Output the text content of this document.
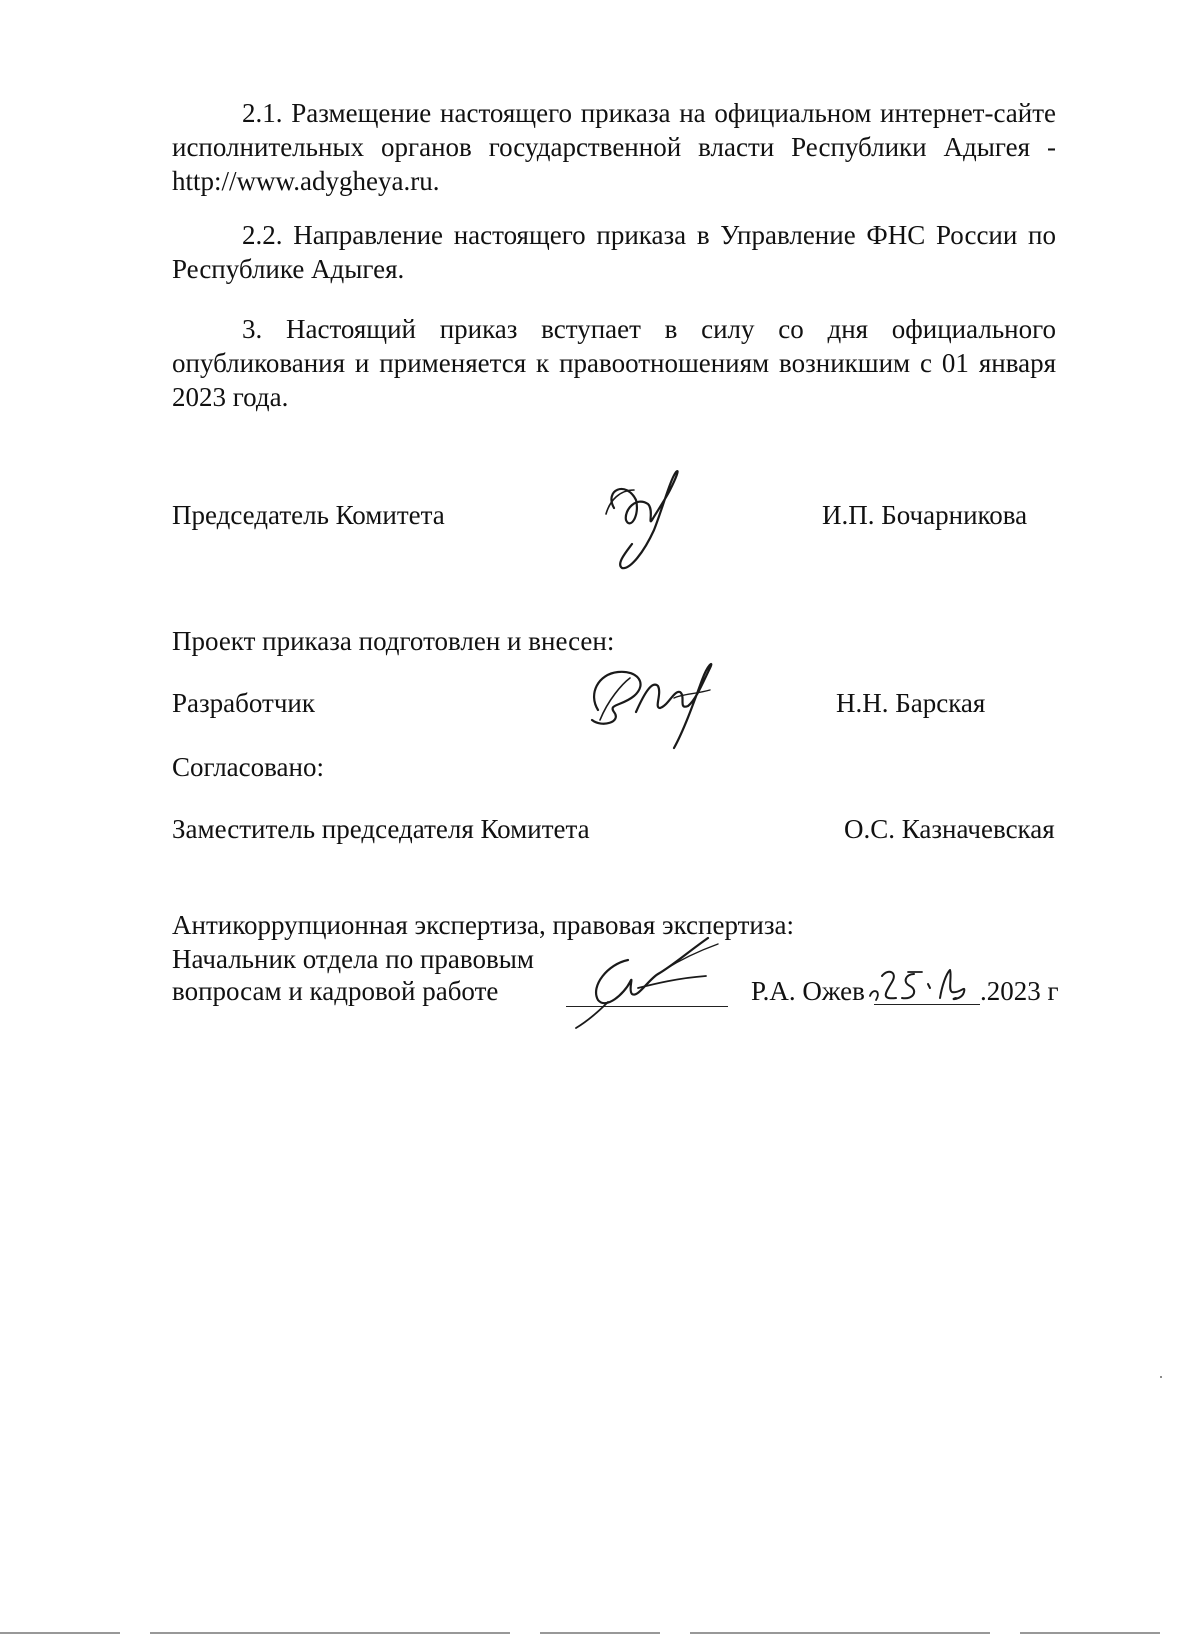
2.1. Размещение настоящего приказа на официальном интернет-сайте исполнительных органов государственной власти Республики Адыгея - http://www.adygheya.ru.

2.2. Направление настоящего приказа в Управление ФНС России по Республике Адыгея.

3. Настоящий приказ вступает в силу со дня официального опубликования и применяется к правоотношениям возникшим с 01 января 2023 года.

Председатель Комитета	И.П. Бочарникова
Проект приказа подготовлен и внесен:
Разработчик	Н.Н. Барская
Согласовано:
Заместитель председателя Комитета	О.С. Казначевская
Антикоррупционная экспертиза, правовая экспертиза:
Начальник отдела по правовым
вопросам и кадровой работе	Р.А. Ожев	.2023 г
